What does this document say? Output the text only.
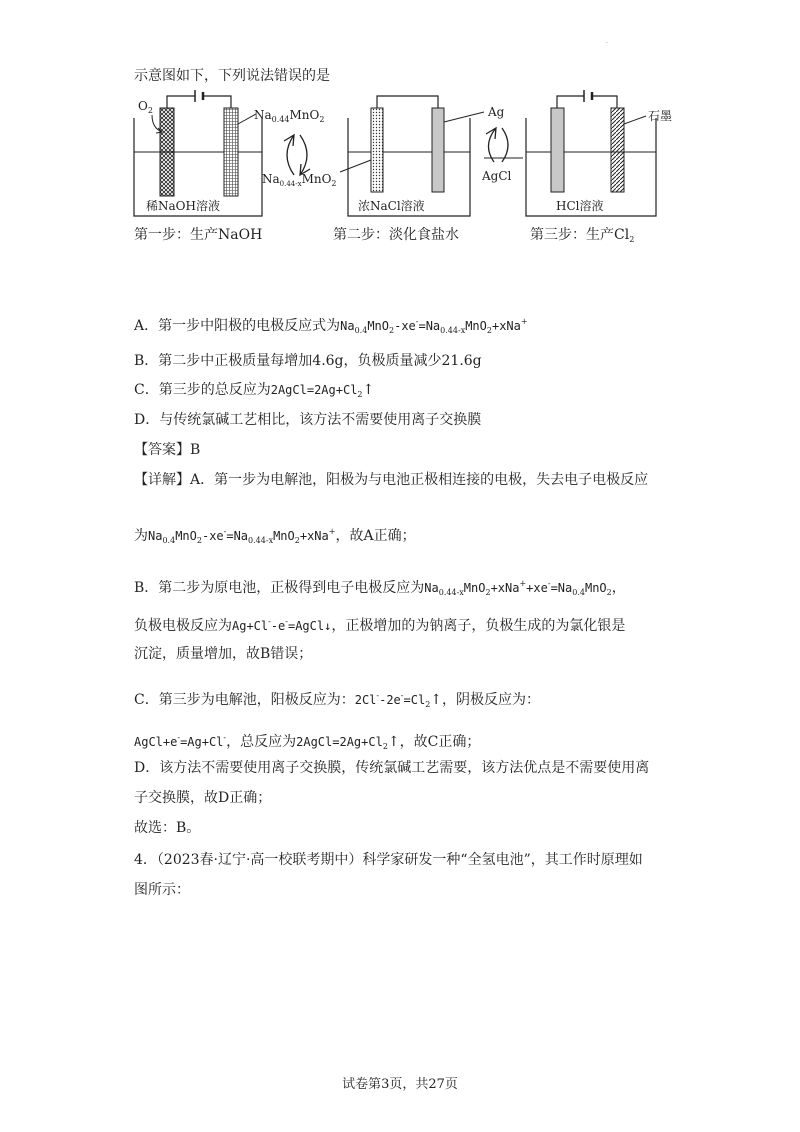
·
示意图如下，下列说法错误的是
$O_2$	$Na_{0.44}MnO_2$
$Na_{0.44-x}MnO_2$
稀NaOH溶液
Ag
AgCl
浓NaCl溶液
石墨
HCl溶液
第一步：生产NaOH	第二步：淡化食盐水	第三步：生产$Cl_2$
A．第一步中阳极的电极反应式为$Na_{0.4}MnO_2-xe^-=Na_{0.44-x}MnO_2+xNa^+$
B．第二步中正极质量每增加4.6g，负极质量减少21.6g
C．第三步的总反应为$2AgCl=2Ag+Cl_2↑$
D．与传统氯碱工艺相比，该方法不需要使用离子交换膜
【答案】B
【详解】A．第一步为电解池，阳极为与电池正极相连接的电极，失去电子电极反应
为$Na_{0.4}MnO_2-xe^-=Na_{0.44-x}MnO_2+xNa^+$，故A正确；
B．第二步为原电池，正极得到电子电极反应为$Na_{0.44-x}MnO_2+xNa^++xe^-=Na_{0.4}MnO_2$，
负极电极反应为Ag+Cl--e-=AgCl↓，正极增加的为钠离子，负极生成的为氯化银是
沉淀，质量增加，故B错误；
C．第三步为电解池，阳极反应为：$2Cl^--2e^-=Cl_2↑$，阴极反应为：
AgCl+e-=Ag+Cl-，总反应为$2AgCl=2Ag+Cl_2↑$，故C正确；
D．该方法不需要使用离子交换膜，传统氯碱工艺需要，该方法优点是不需要使用离
子交换膜，故D正确；
故选：B。
4．（2023春·辽宁·高一校联考期中）科学家研发一种“全氢电池”，其工作时原理如
图所示：
试卷第3页，共27页
